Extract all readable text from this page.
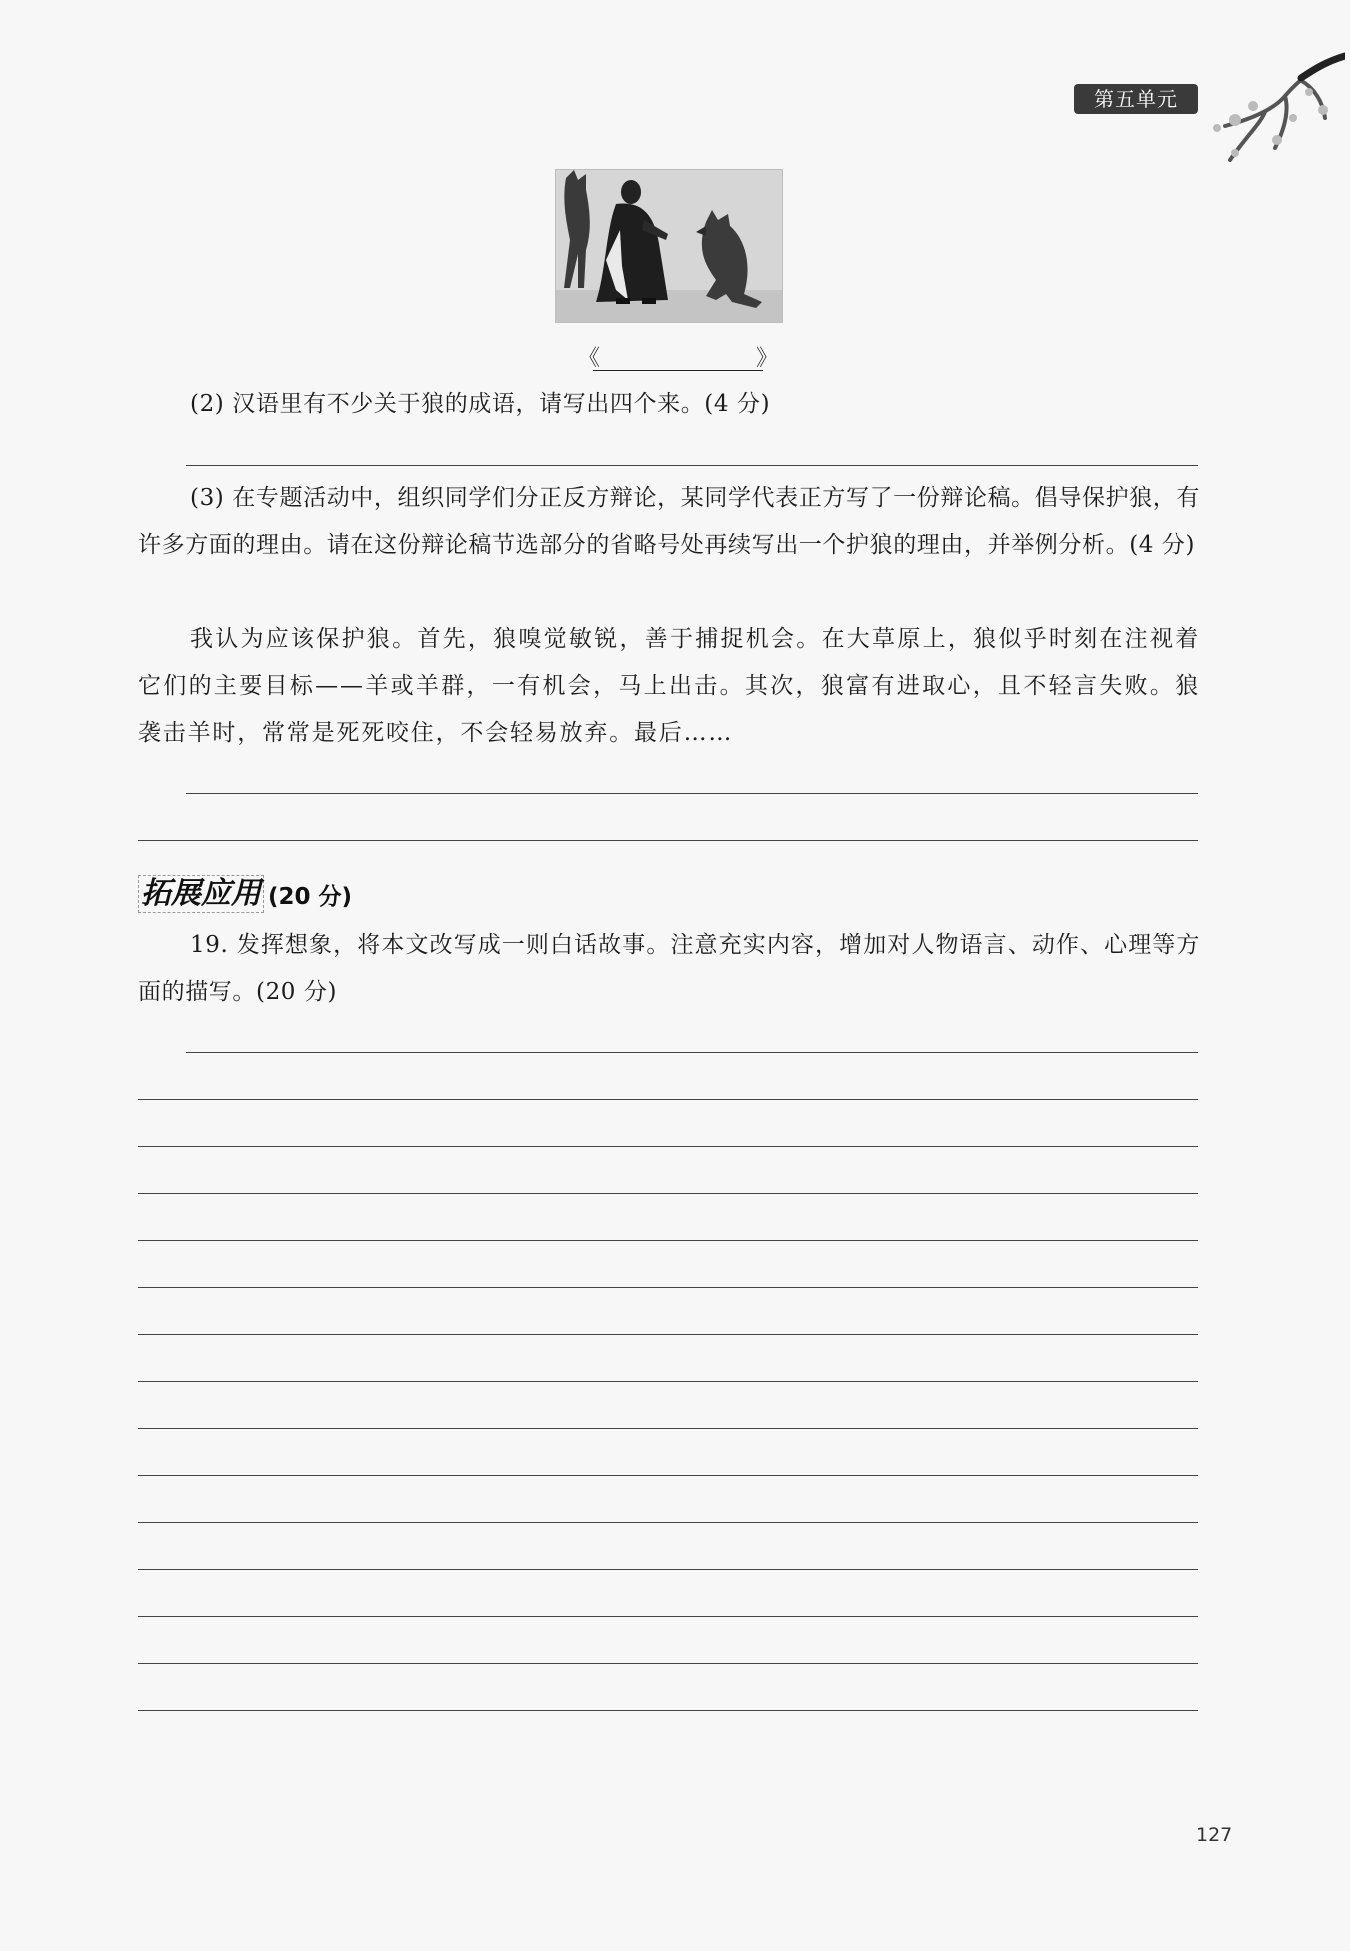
第五单元
《	》

(2) 汉语里有不少关于狼的成语，请写出四个来。(4 分)

(3) 在专题活动中，组织同学们分正反方辩论，某同学代表正方写了一份辩论稿。倡导保护狼，有许多方面的理由。请在这份辩论稿节选部分的省略号处再续写出一个护狼的理由，并举例分析。(4 分)

我认为应该保护狼。首先，狼嗅觉敏锐，善于捕捉机会。在大草原上，狼似乎时刻在注视着它们的主要目标——羊或羊群，一有机会，马上出击。其次，狼富有进取心，且不轻言失败。狼袭击羊时，常常是死死咬住，不会轻易放弃。最后……

拓展应用 (20 分)

19. 发挥想象，将本文改写成一则白话故事。注意充实内容，增加对人物语言、动作、心理等方面的描写。(20 分)

127
